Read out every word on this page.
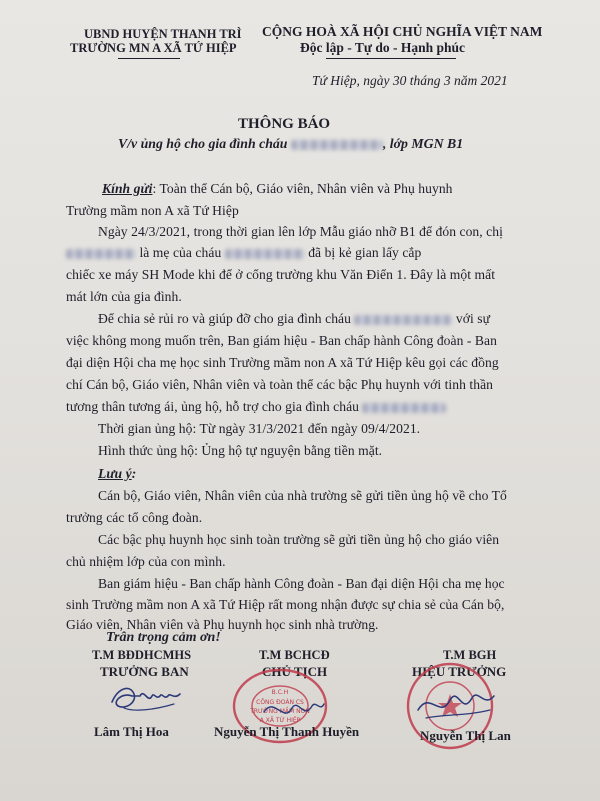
UBND HUYỆN THANH TRÌ
TRƯỜNG MN A XÃ TỨ HIỆP
CỘNG HOÀ XÃ HỘI CHỦ NGHĨA VIỆT NAM
Độc lập - Tự do - Hạnh phúc
Tứ Hiệp, ngày 30 tháng 3 năm 2021
THÔNG BÁO
V/v ủng hộ cho gia đình cháu	, lớp MGN B1
Kính gửi: Toàn thể Cán bộ, Giáo viên, Nhân viên và Phụ huynh
Trường mầm non A xã Tứ Hiệp
Ngày 24/3/2021, trong thời gian lên lớp Mẫu giáo nhỡ B1 để đón con, chị
là mẹ của cháu	đã bị kẻ gian lấy cắp
chiếc xe máy SH Mode khi để ở cổng trường khu Văn Điển 1. Đây là một mất
mát lớn của gia đình.
Để chia sẻ rủi ro và giúp đỡ cho gia đình cháu	với sự
việc không mong muốn trên, Ban giám hiệu - Ban chấp hành Công đoàn - Ban
đại diện Hội cha mẹ học sinh Trường mầm non A xã Tứ Hiệp kêu gọi các đồng
chí Cán bộ, Giáo viên, Nhân viên và toàn thể các bậc Phụ huynh với tinh thần
tương thân tương ái, ủng hộ, hỗ trợ cho gia đình cháu
Thời gian ủng hộ: Từ ngày 31/3/2021 đến ngày 09/4/2021.
Hình thức ủng hộ: Ủng hộ tự nguyện bằng tiền mặt.
Lưu ý:
Cán bộ, Giáo viên, Nhân viên của nhà trường sẽ gửi tiền ủng hộ về cho Tổ
trưởng các tổ công đoàn.
Các bậc phụ huynh học sinh toàn trường sẽ gửi tiền ủng hộ cho giáo viên
chủ nhiệm lớp của con mình.
Ban giám hiệu - Ban chấp hành Công đoàn - Ban đại diện Hội cha mẹ học
sinh Trường mầm non A xã Tứ Hiệp rất mong nhận được sự chia sẻ của Cán bộ,
Giáo viên, Nhân viên và Phụ huynh học sinh nhà trường.
Trân trọng cảm ơn!
T.M BĐDHCMHS
TRƯỞNG BAN
T.M BCHCĐ
CHỦ TỊCH
T.M BGH
HIỆU TRƯỞNG
B.C.H
CÔNG ĐOÀN CS
TRƯỜNG MẦM NON
A XÃ TỨ HIỆP
Lâm Thị Hoa	Nguyễn Thị Thanh Huyền	Nguyễn Thị Lan
